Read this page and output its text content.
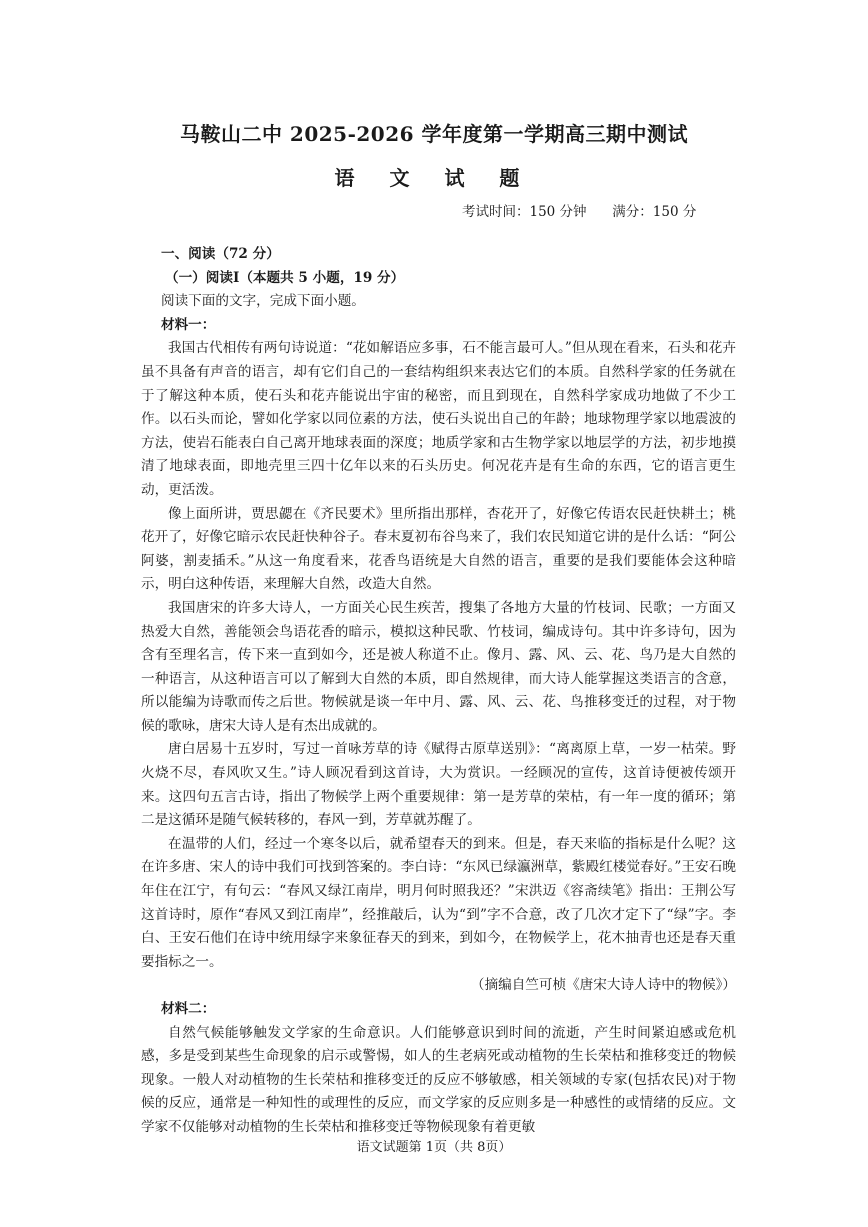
马鞍山二中 2025-2026 学年度第一学期高三期中测试
语 文 试 题
考试时间：150 分钟      满分：150 分

一、阅读（72 分）

（一）阅读Ⅰ（本题共 5 小题，19 分）

阅读下面的文字，完成下面小题。

材料一：

我国古代相传有两句诗说道：“花如解语应多事，石不能言最可人。”但从现在看来，石头和花卉虽不具备有声音的语言，却有它们自己的一套结构组织来表达它们的本质。自然科学家的任务就在于了解这种本质，使石头和花卉能说出宇宙的秘密，而且到现在，自然科学家成功地做了不少工作。以石头而论，譬如化学家以同位素的方法，使石头说出自己的年龄；地球物理学家以地震波的方法，使岩石能表白自己离开地球表面的深度；地质学家和古生物学家以地层学的方法，初步地摸清了地球表面，即地壳里三四十亿年以来的石头历史。何况花卉是有生命的东西，它的语言更生动，更活泼。

像上面所讲，贾思勰在《齐民要术》里所指出那样，杏花开了，好像它传语农民赶快耕土；桃花开了，好像它暗示农民赶快种谷子。春末夏初布谷鸟来了，我们农民知道它讲的是什么话：“阿公阿婆，割麦插禾。”从这一角度看来，花香鸟语统是大自然的语言，重要的是我们要能体会这种暗示，明白这种传语，来理解大自然，改造大自然。

我国唐宋的许多大诗人，一方面关心民生疾苦，搜集了各地方大量的竹枝词、民歌；一方面又热爱大自然，善能领会鸟语花香的暗示，模拟这种民歌、竹枝词，编成诗句。其中许多诗句，因为含有至理名言，传下来一直到如今，还是被人称道不止。像月、露、风、云、花、鸟乃是大自然的一种语言，从这种语言可以了解到大自然的本质，即自然规律，而大诗人能掌握这类语言的含意，所以能编为诗歌而传之后世。物候就是谈一年中月、露、风、云、花、鸟推移变迁的过程，对于物候的歌咏，唐宋大诗人是有杰出成就的。

唐白居易十五岁时，写过一首咏芳草的诗《赋得古原草送别》：“离离原上草，一岁一枯荣。野火烧不尽，春风吹又生。”诗人顾况看到这首诗，大为赏识。一经顾况的宣传，这首诗便被传颂开来。这四句五言古诗，指出了物候学上两个重要规律：第一是芳草的荣枯，有一年一度的循环；第二是这循环是随气候转移的，春风一到，芳草就苏醒了。

在温带的人们，经过一个寒冬以后，就希望春天的到来。但是，春天来临的指标是什么呢？这在许多唐、宋人的诗中我们可找到答案的。李白诗：“东风已绿瀛洲草，紫殿红楼觉春好。”王安石晚年住在江宁，有句云：“春风又绿江南岸，明月何时照我还？”宋洪迈《容斋续笔》指出：王荆公写这首诗时，原作“春风又到江南岸”，经推敲后，认为“到”字不合意，改了几次才定下了“绿”字。李白、王安石他们在诗中统用绿字来象征春天的到来，到如今，在物候学上，花木抽青也还是春天重要指标之一。

（摘编自竺可桢《唐宋大诗人诗中的物候》）

材料二：

自然气候能够触发文学家的生命意识。人们能够意识到时间的流逝，产生时间紧迫感或危机感，多是受到某些生命现象的启示或警惕，如人的生老病死或动植物的生长荣枯和推移变迁的物候现象。一般人对动植物的生长荣枯和推移变迁的反应不够敏感，相关领域的专家(包括农民)对于物候的反应，通常是一种知性的或理性的反应，而文学家的反应则多是一种感性的或情绪的反应。文学家不仅能够对动植物的生长荣枯和推移变迁等物候现象有着更敏

语文试题第 1页（共 8页）
